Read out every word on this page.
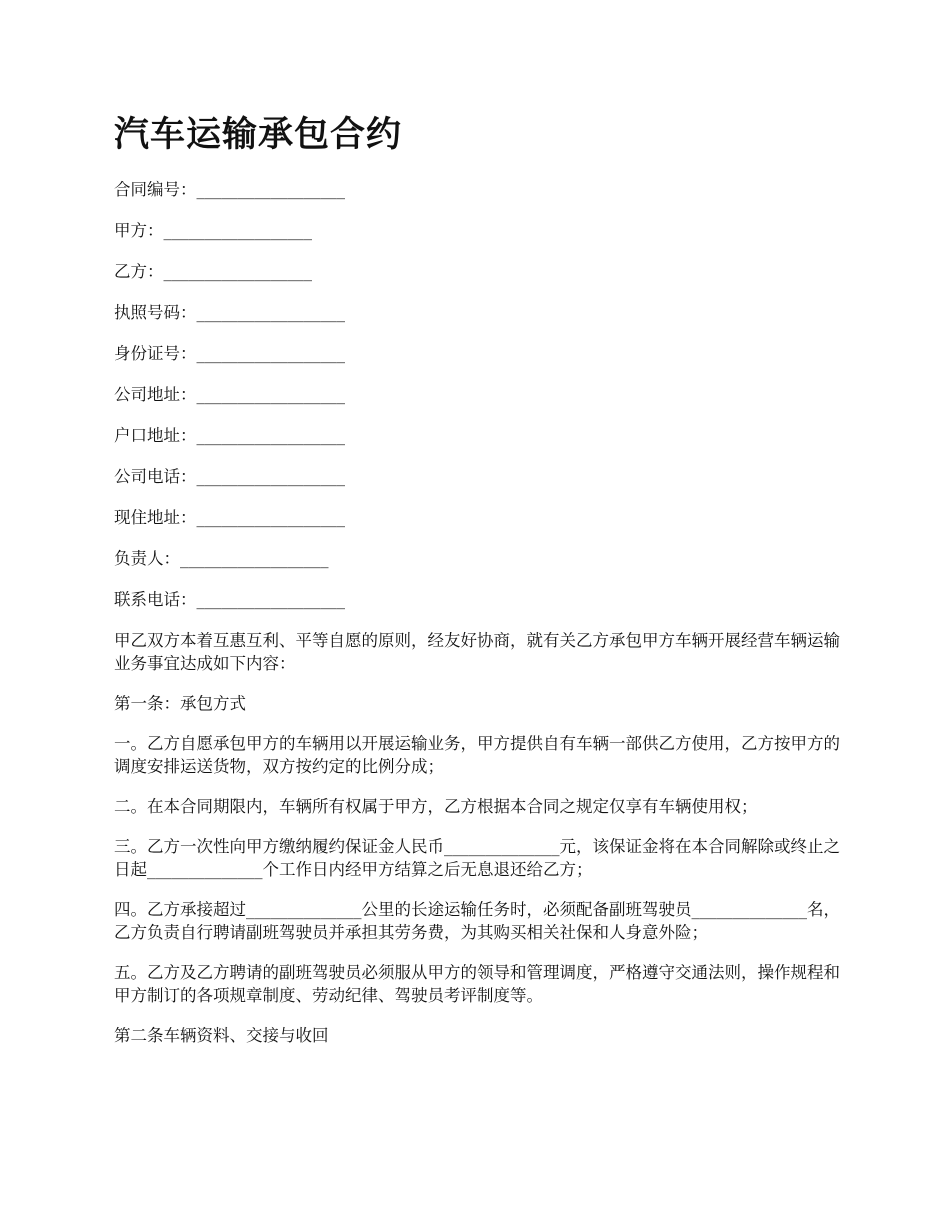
汽车运输承包合约

合同编号：__________________

甲方：__________________

乙方：__________________

执照号码：__________________

身份证号：__________________

公司地址：__________________

户口地址：__________________

公司电话：__________________

现住地址：__________________

负责人：__________________

联系电话：__________________

甲乙双方本着互惠互利、平等自愿的原则，经友好协商，就有关乙方承包甲方车辆开展经营车辆运输业务事宜达成如下内容：

第一条：承包方式

一。乙方自愿承包甲方的车辆用以开展运输业务，甲方提供自有车辆一部供乙方使用，乙方按甲方的调度安排运送货物，双方按约定的比例分成；

二。在本合同期限内，车辆所有权属于甲方，乙方根据本合同之规定仅享有车辆使用权；

三。乙方一次性向甲方缴纳履约保证金人民币______________元，该保证金将在本合同解除或终止之日起______________个工作日内经甲方结算之后无息退还给乙方；

四。乙方承接超过______________公里的长途运输任务时，必须配备副班驾驶员______________名，乙方负责自行聘请副班驾驶员并承担其劳务费，为其购买相关社保和人身意外险；

五。乙方及乙方聘请的副班驾驶员必须服从甲方的领导和管理调度，严格遵守交通法则，操作规程和甲方制订的各项规章制度、劳动纪律、驾驶员考评制度等。

第二条车辆资料、交接与收回
